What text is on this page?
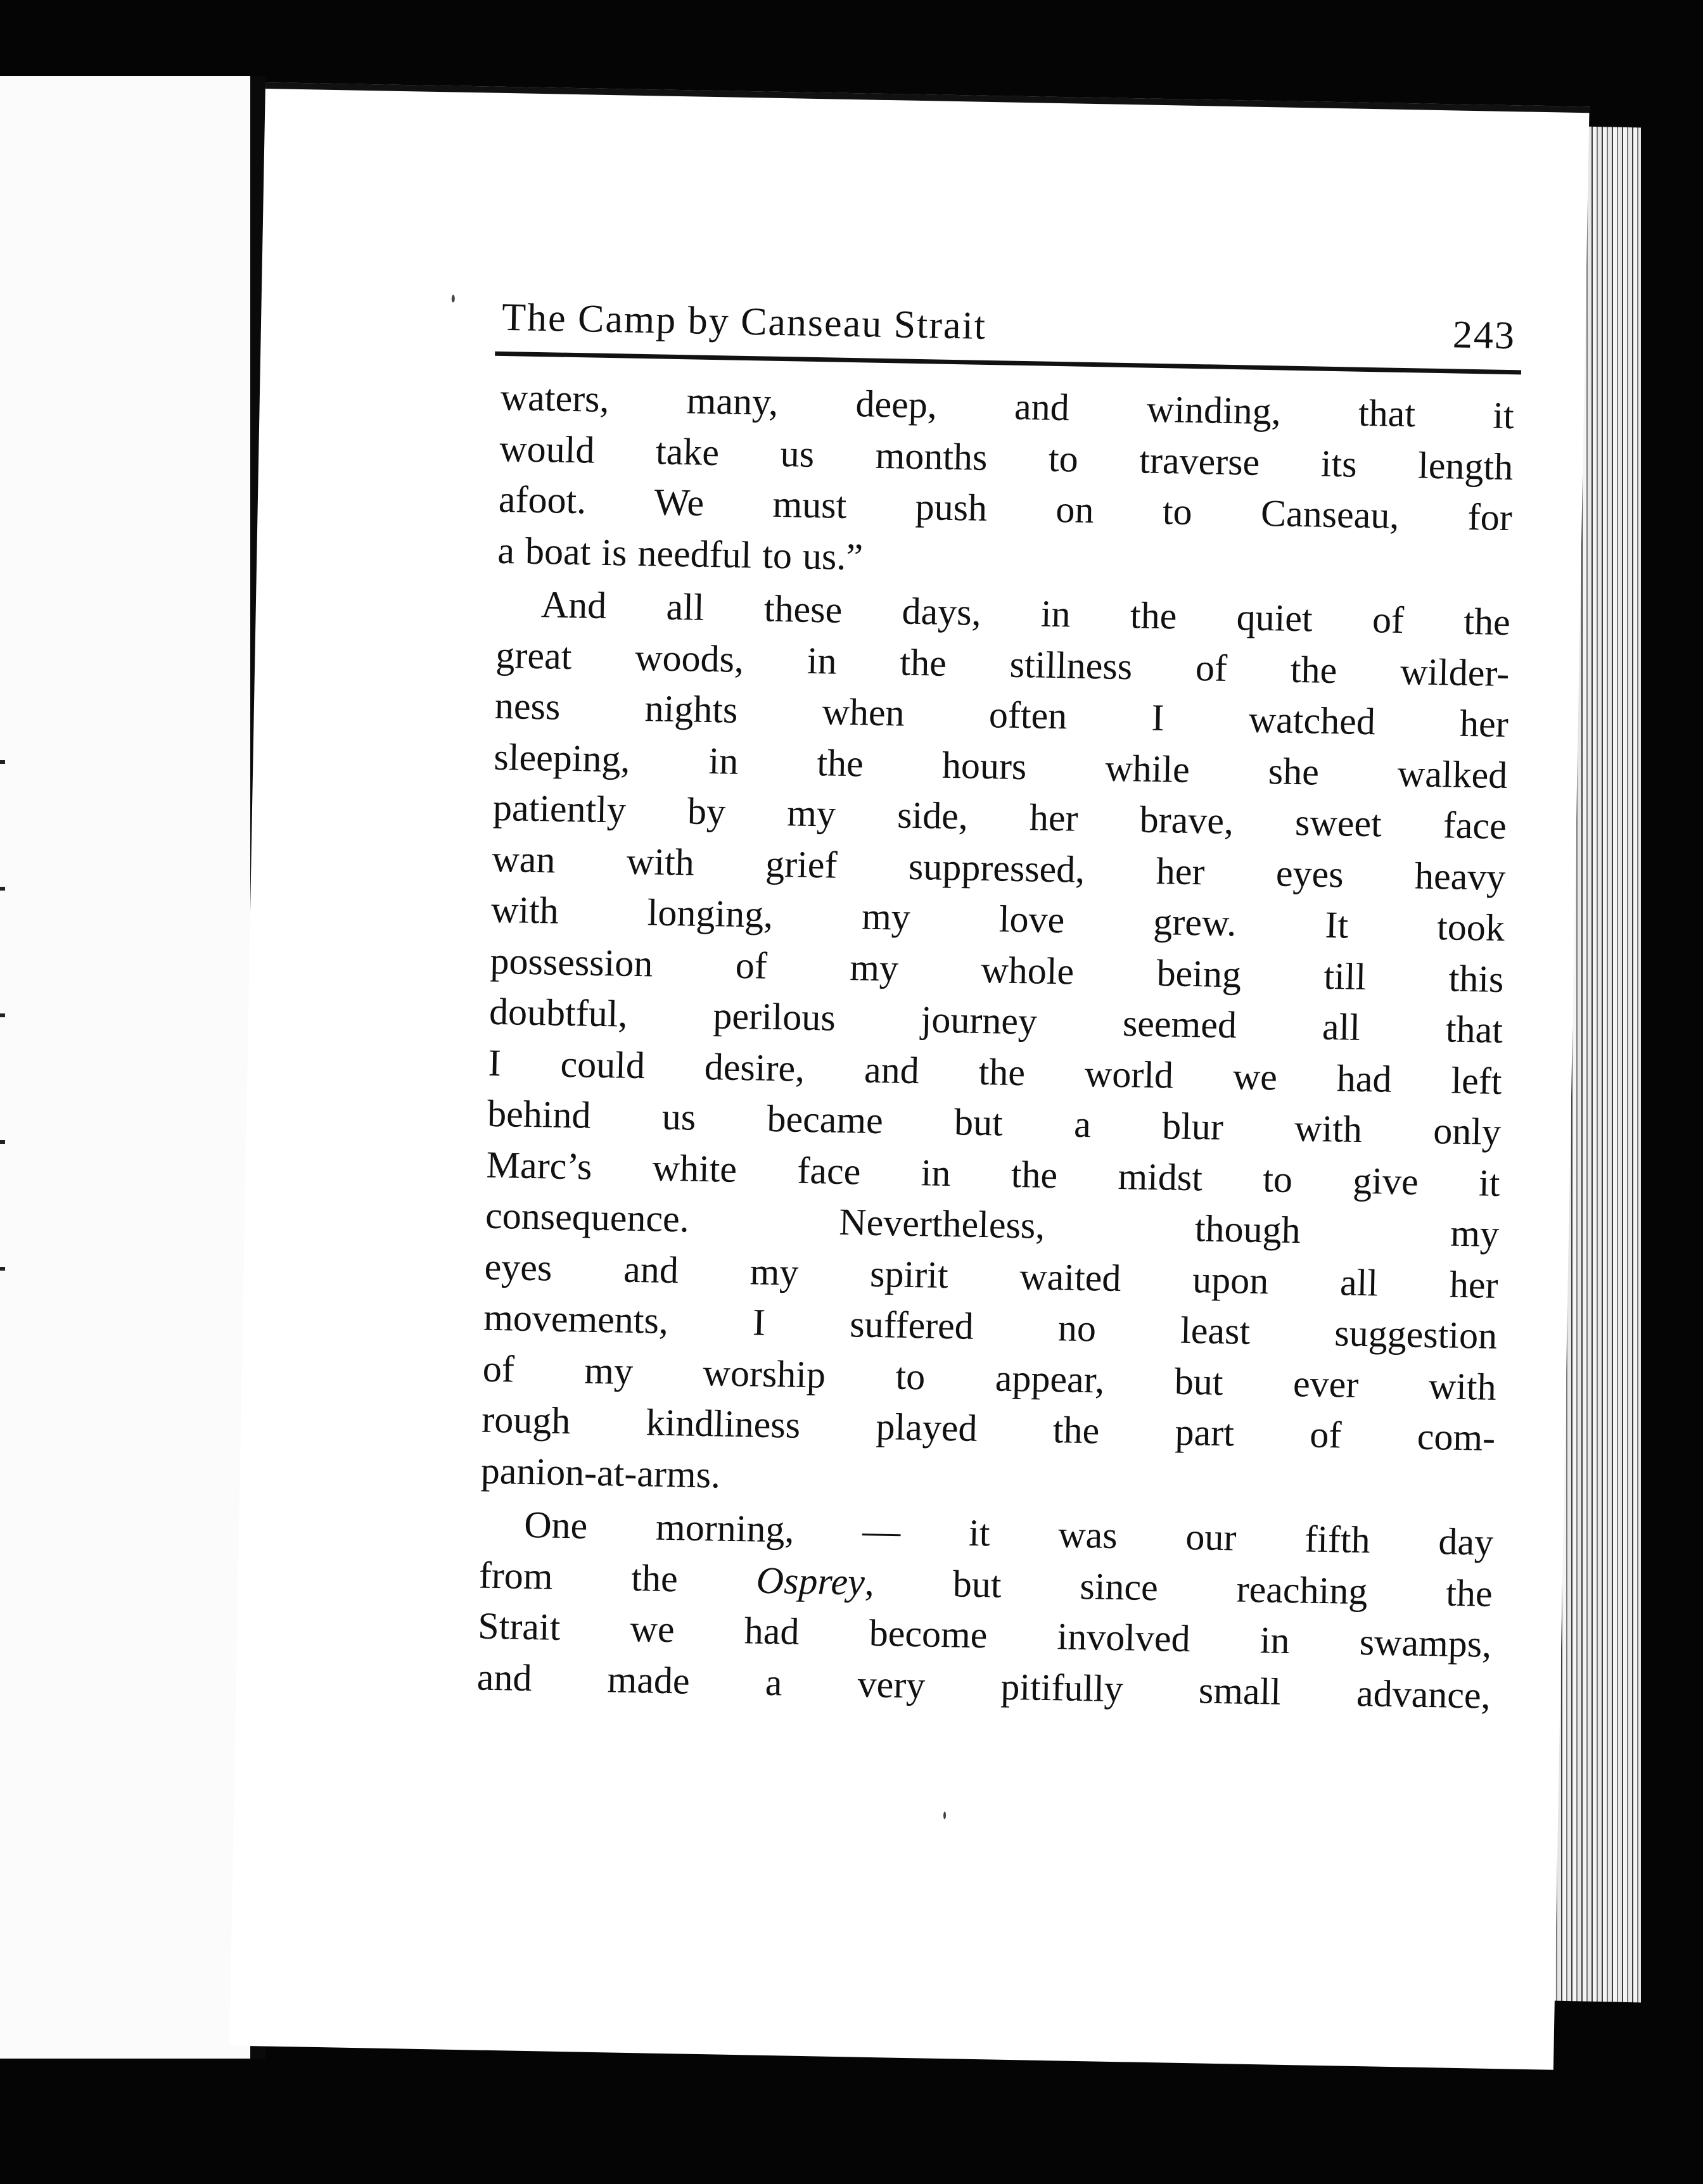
The Camp by Canseau Strait	243
waters, many, deep, and winding, that it
would take us months to traverse its length
afoot. We must push on to Canseau, for
a boat is needful to us.”
And all these days, in the quiet of the
great woods, in the stillness of the wilder-
ness nights when often I watched her
sleeping, in the hours while she walked
patiently by my side, her brave, sweet face
wan with grief suppressed, her eyes heavy
with longing, my love grew. It took
possession of my whole being till this
doubtful, perilous journey seemed all that
I could desire, and the world we had left
behind us became but a blur with only
Marc’s white face in the midst to give it
consequence. Nevertheless, though my
eyes and my spirit waited upon all her
movements, I suffered no least suggestion
of my worship to appear, but ever with
rough kindliness played the part of com-
panion-at-arms.
One morning, — it was our fifth day
from the Osprey, but since reaching the
Strait we had become involved in swamps,
and made a very pitifully small advance,
